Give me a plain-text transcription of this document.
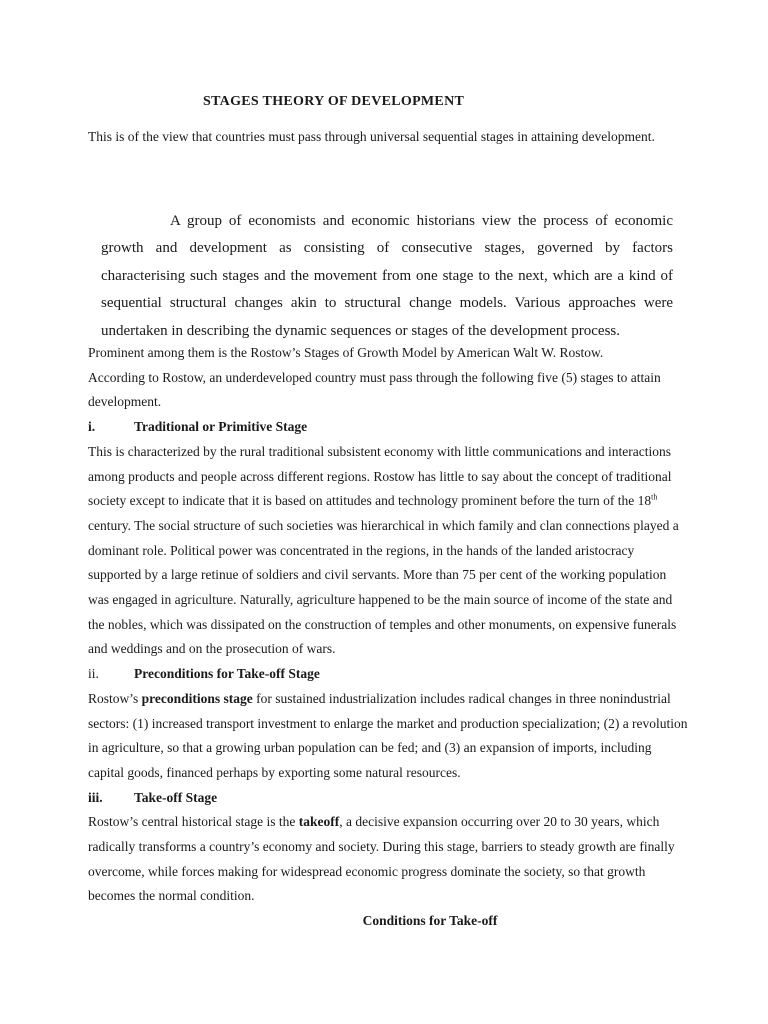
STAGES THEORY OF DEVELOPMENT
This is of the view that countries must pass through universal sequential stages in attaining development.
A group of economists and economic historians view the process of economic growth and development as consisting of consecutive stages, governed by factors characterising such stages and the movement from one stage to the next, which are a kind of sequential structural changes akin to structural change models. Various approaches were undertaken in describing the dynamic sequences or stages of the development process.

Prominent among them is the Rostow’s Stages of Growth Model by American Walt W. Rostow.
According to Rostow, an underdeveloped country must pass through the following five (5) stages to attain development.

i.	Traditional or Primitive Stage

This is characterized by the rural traditional subsistent economy with little communications and interactions among products and people across different regions. Rostow has little to say about the concept of traditional society except to indicate that it is based on attitudes and technology prominent before the turn of the 18th century. The social structure of such societies was hierarchical in which family and clan connections played a dominant role. Political power was concentrated in the regions, in the hands of the landed aristocracy supported by a large retinue of soldiers and civil servants. More than 75 per cent of the working population was engaged in agriculture. Naturally, agriculture happened to be the main source of income of the state and the nobles, which was dissipated on the construction of temples and other monuments, on expensive funerals and weddings and on the prosecution of wars.

ii.	Preconditions for Take-off Stage

Rostow’s preconditions stage for sustained industrialization includes radical changes in three nonindustrial sectors: (1) increased transport investment to enlarge the market and production specialization; (2) a revolution in agriculture, so that a growing urban population can be fed; and (3) an expansion of imports, including capital goods, financed perhaps by exporting some natural resources.

iii. Take-off Stage

Rostow’s central historical stage is the takeoff, a decisive expansion occurring over 20 to 30 years, which radically transforms a country’s economy and society. During this stage, barriers to steady growth are finally overcome, while forces making for widespread economic progress dominate the society, so that growth becomes the normal condition.

Conditions for Take-off
